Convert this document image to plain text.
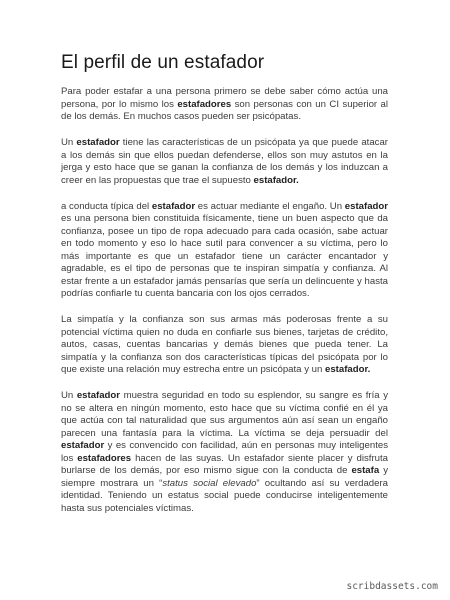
El perfil de un estafador

Para poder estafar a una persona primero se debe saber cómo actúa una persona, por lo mismo los estafadores son personas con un CI superior al de los demás. En muchos casos pueden ser psicópatas.

Un estafador tiene las características de un psicópata ya que puede atacar a los demás sin que ellos puedan defenderse, ellos son muy astutos en la jerga y esto hace que se ganan la confianza de los demás y los induzcan a creer en las propuestas que trae el supuesto estafador.

a conducta típica del estafador es actuar mediante el engaño. Un estafador es una persona bien constituida físicamente, tiene un buen aspecto que da confianza, posee un tipo de ropa adecuado para cada ocasión, sabe actuar en todo momento y eso lo hace sutil para convencer a su víctima, pero lo más importante es que un estafador tiene un carácter encantador y agradable, es el tipo de personas que te inspiran simpatía y confianza. Al estar frente a un estafador jamás pensarías que sería un delincuente y hasta podrías confiarle tu cuenta bancaria con los ojos cerrados.

La simpatía y la confianza son sus armas más poderosas frente a su potencial víctima quien no duda en confiarle sus bienes, tarjetas de crédito, autos, casas, cuentas bancarias y demás bienes que pueda tener. La simpatía y la confianza son dos características típicas del psicópata por lo que existe una relación muy estrecha entre un psicópata y un estafador.

Un estafador muestra seguridad en todo su esplendor, su sangre es fría y no se altera en ningún momento, esto hace que su víctima confié en él ya que actúa con tal naturalidad que sus argumentos aún así sean un engaño parecen una fantasía para la víctima. La víctima se deja persuadir del estafador y es convencido con facilidad, aún en personas muy inteligentes los estafadores hacen de las suyas. Un estafador siente placer y disfruta burlarse de los demás, por eso mismo sigue con la conducta de estafa y siempre mostrara un “status social elevado” ocultando así su verdadera identidad. Teniendo un estatus social puede conducirse inteligentemente hasta sus potenciales víctimas.

scribdassets.com
